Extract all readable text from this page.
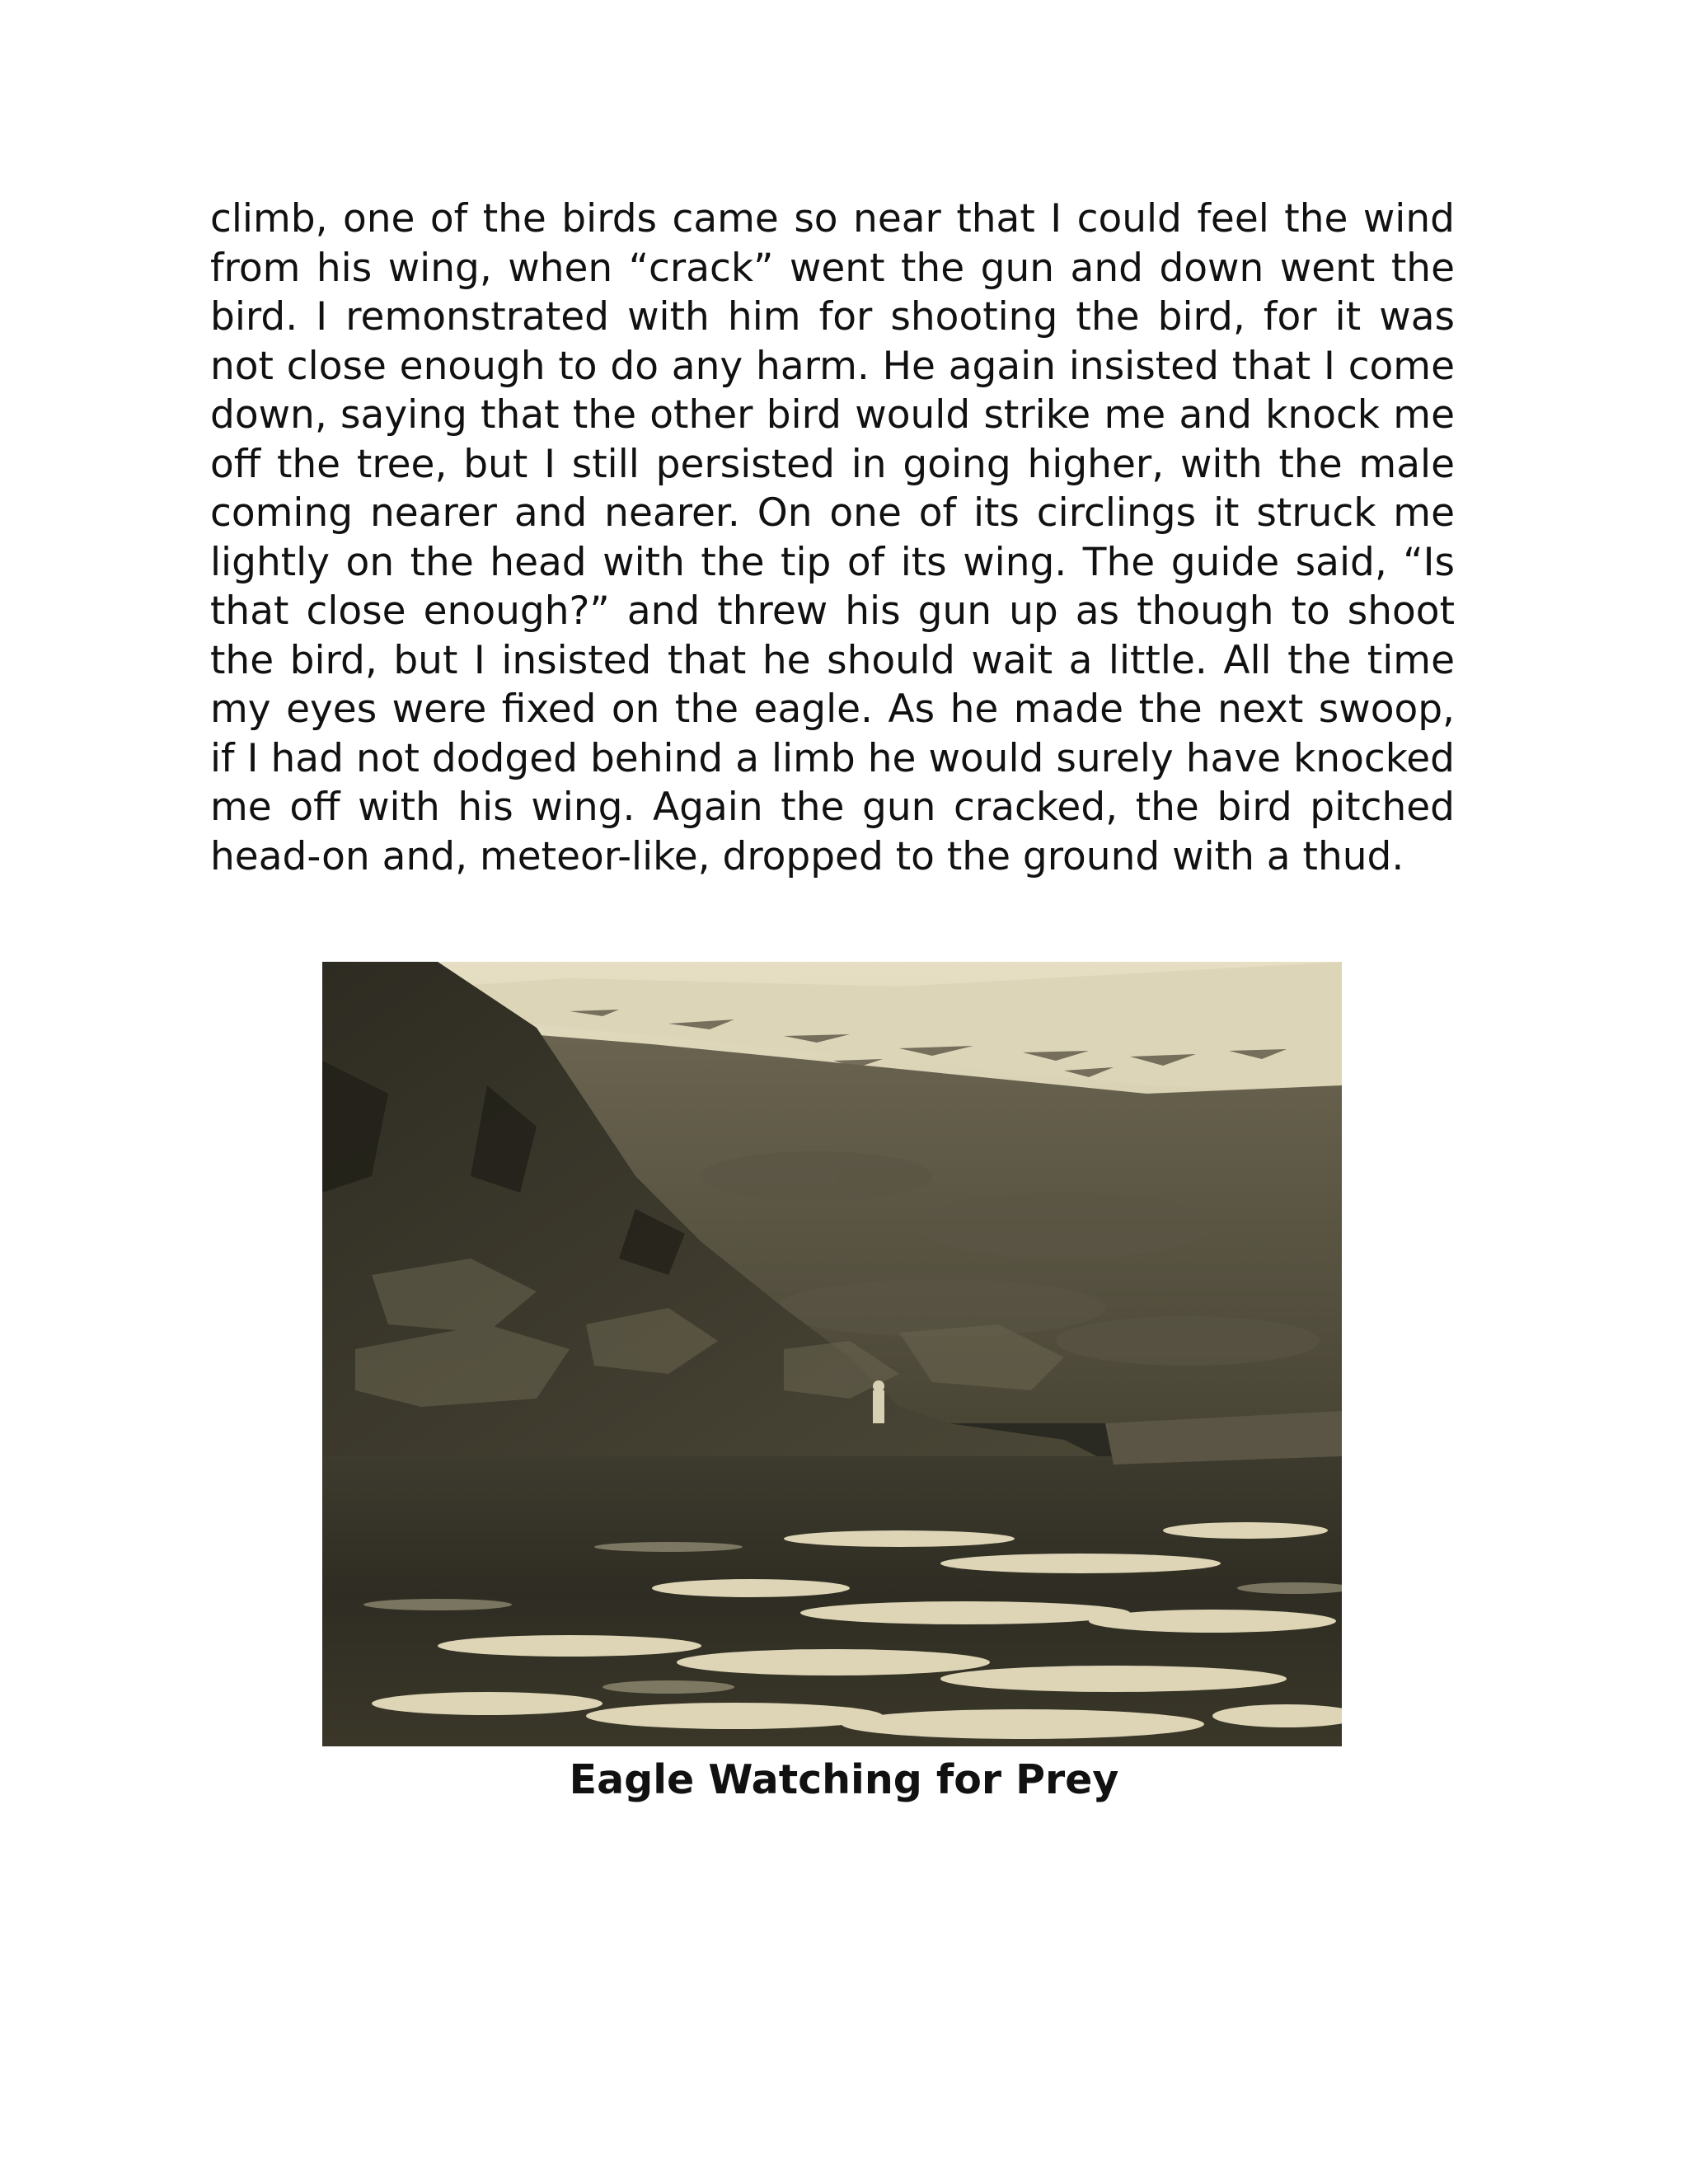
climb, one of the birds came so near that I could feel the wind from his wing, when “crack” went the gun and down went the bird. I remonstrated with him for shooting the bird, for it was not close enough to do any harm. He again insisted that I come down, saying that the other bird would strike me and knock me off the tree, but I still persisted in going higher, with the male coming nearer and nearer. On one of its circlings it struck me lightly on the head with the tip of its wing. The guide said, “Is that close enough?” and threw his gun up as though to shoot the bird, but I insisted that he should wait a little. All the time my eyes were fixed on the eagle. As he made the next swoop, if I had not dodged behind a limb he would surely have knocked me off with his wing. Again the gun cracked, the bird pitched head-on and, meteor-like, dropped to the ground with a thud.

Eagle Watching for Prey
